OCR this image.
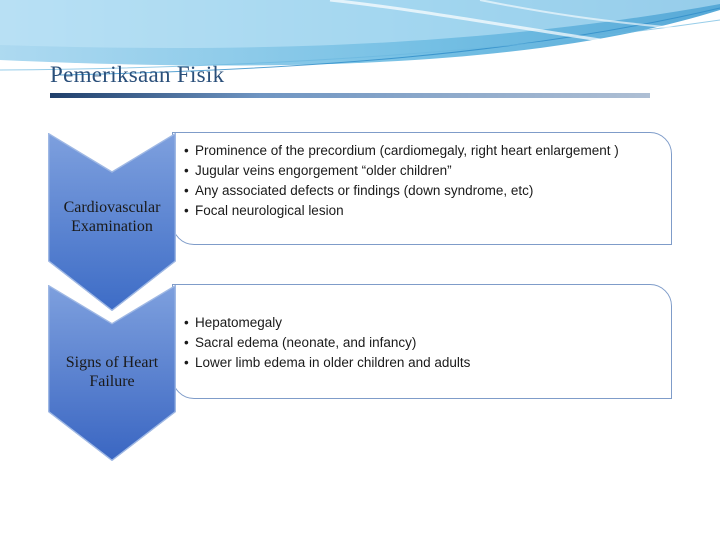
Pemeriksaan Fisik
• Prominence of the precordium (cardiomegaly, right heart enlargement )
• Jugular veins engorgement “older children”
• Any associated defects or findings (down syndrome, etc)
• Focal neurological lesion
Cardiovascular
Examination
• Hepatomegaly
• Sacral edema (neonate, and infancy)
• Lower limb edema in older children and adults
Signs of Heart
Failure
